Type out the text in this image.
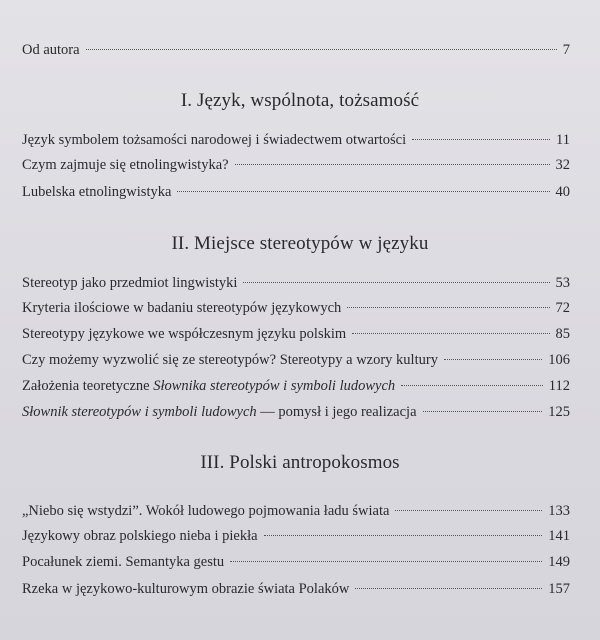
Od autora	7
I. Język, wspólnota, tożsamość
Język symbolem tożsamości narodowej i świadectwem otwartości	11
Czym zajmuje się etnolingwistyka?	32
Lubelska etnolingwistyka	40
II. Miejsce stereotypów w języku
Stereotyp jako przedmiot lingwistyki	53
Kryteria ilościowe w badaniu stereotypów językowych	72
Stereotypy językowe we współczesnym języku polskim	85
Czy możemy wyzwolić się ze stereotypów? Stereotypy a wzory kultury	106
Założenia teoretyczne Słownika stereotypów i symboli ludowych	112
Słownik stereotypów i symboli ludowych — pomysł i jego realizacja	125
III. Polski antropokosmos
„Niebo się wstydzi”. Wokół ludowego pojmowania ładu świata	133
Językowy obraz polskiego nieba i piekła	141
Pocałunek ziemi. Semantyka gestu	149
Rzeka w językowo-kulturowym obrazie świata Polaków	157
